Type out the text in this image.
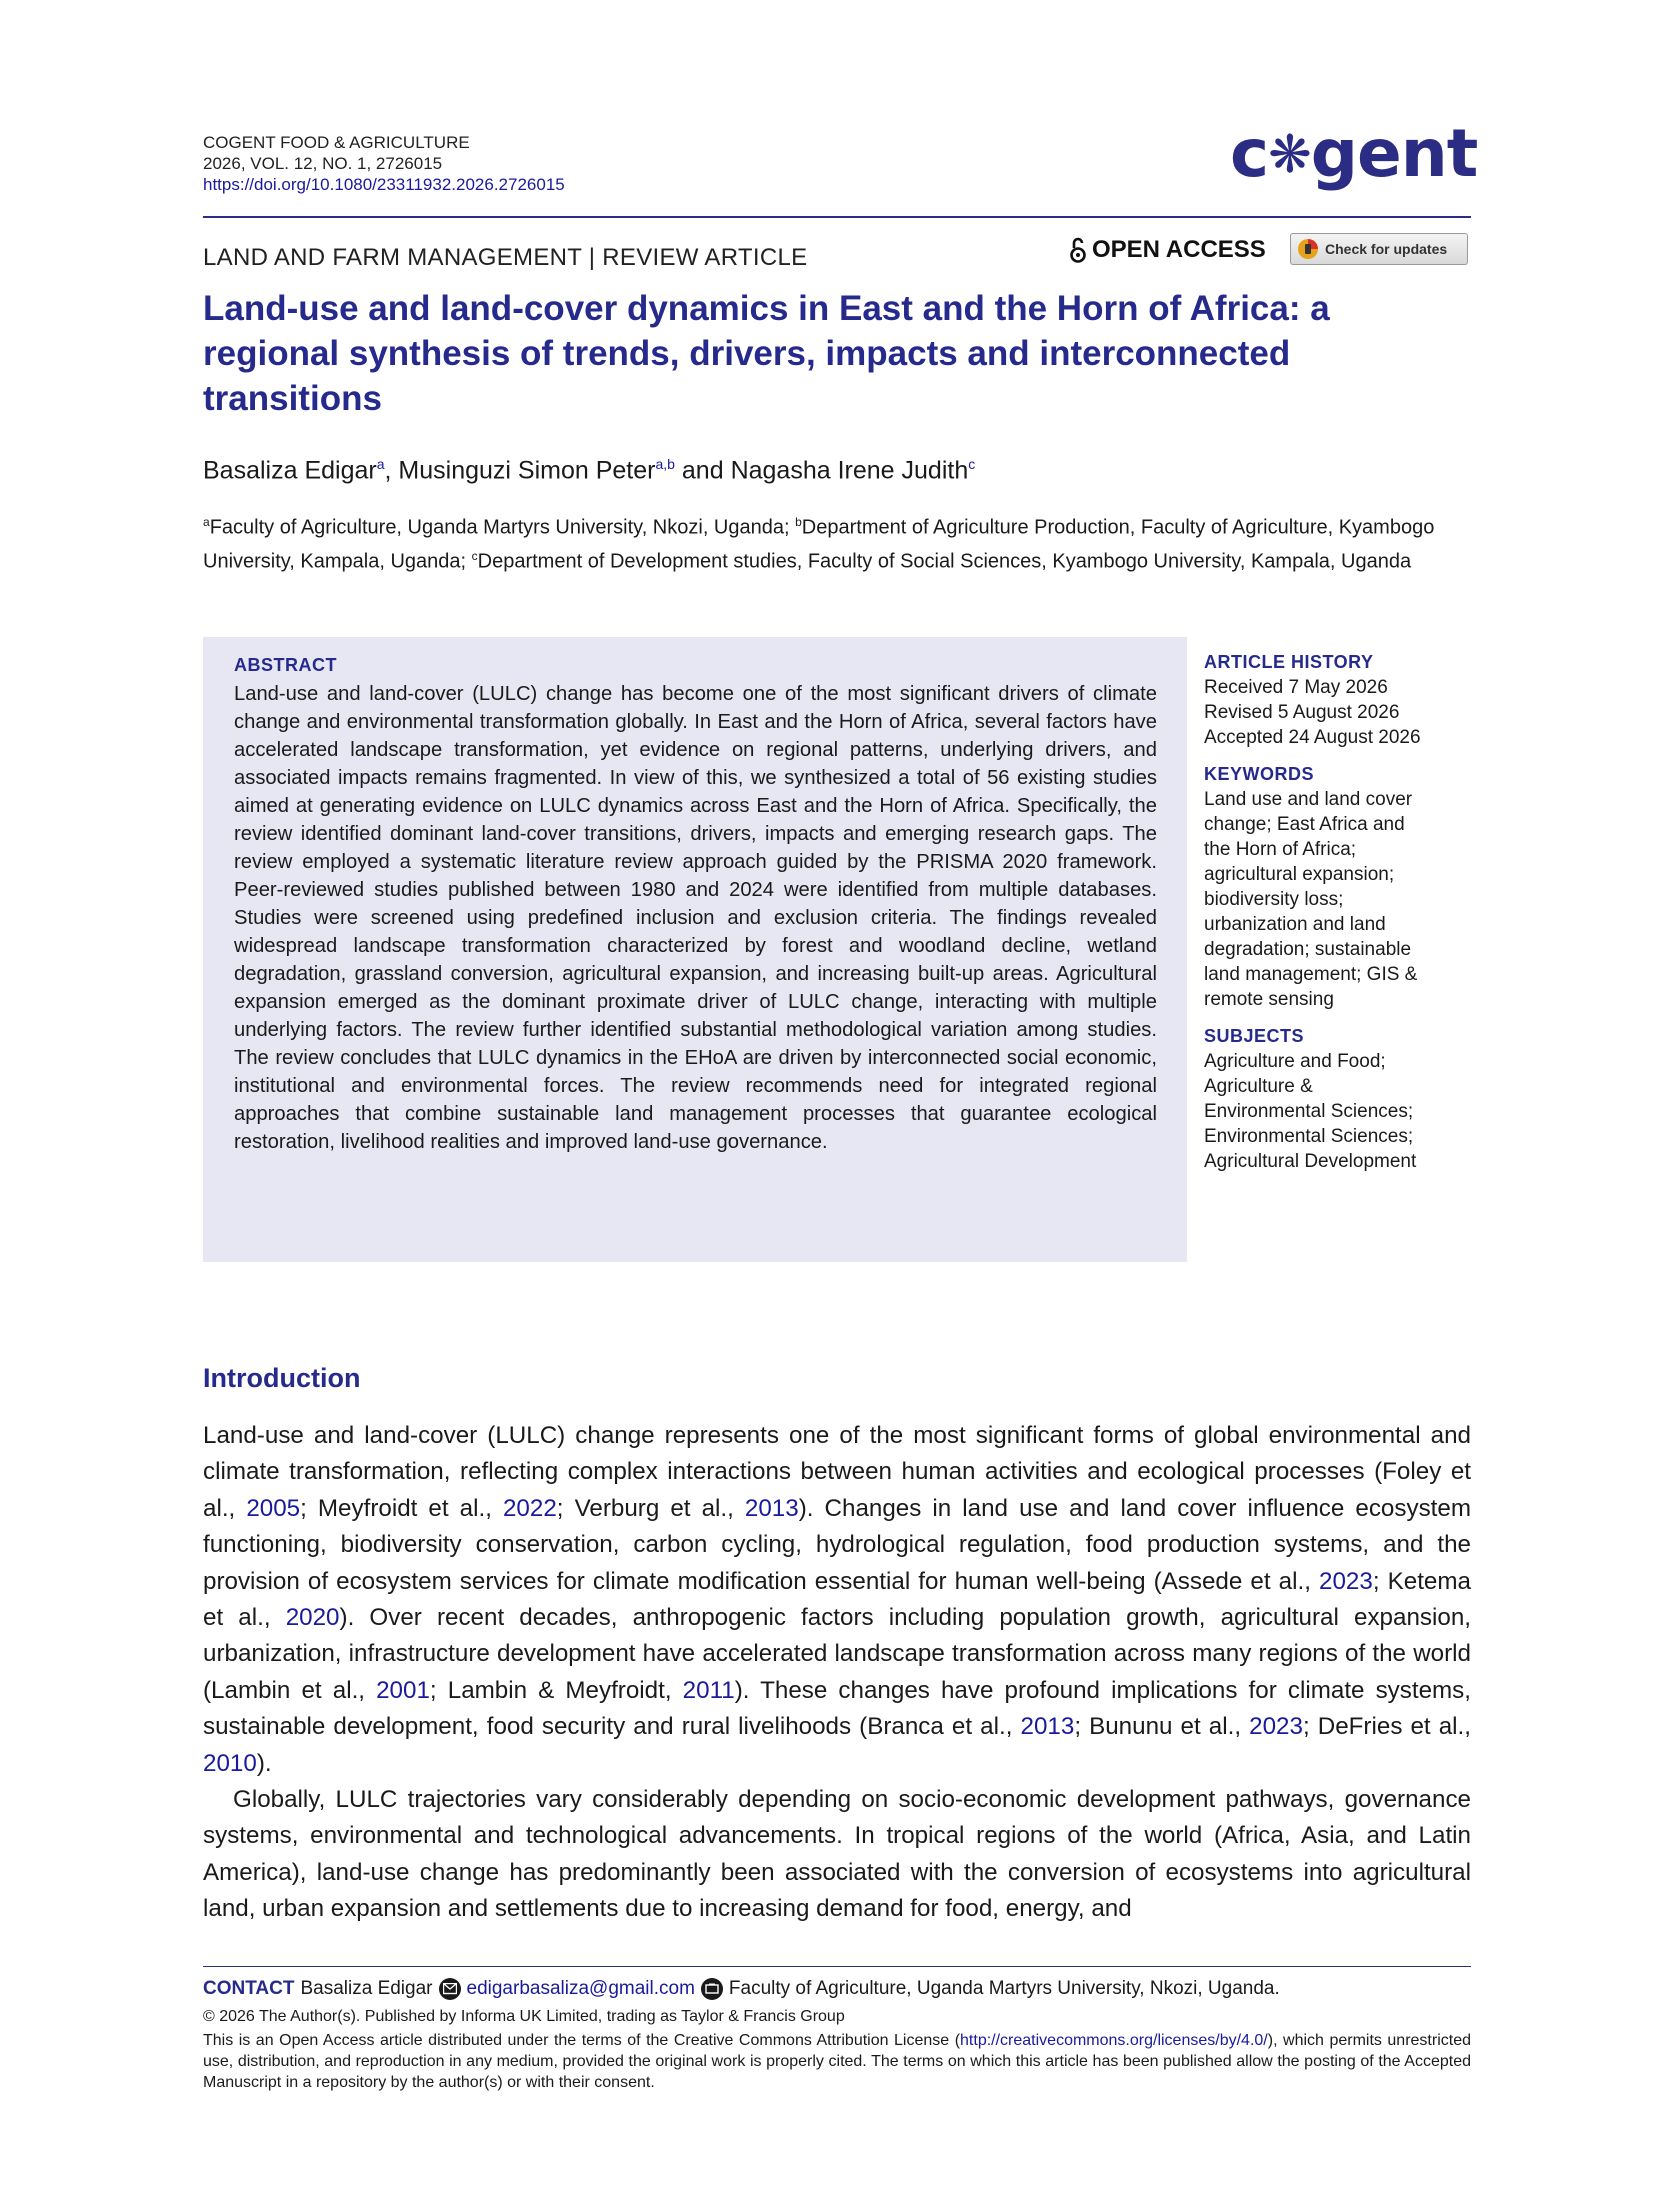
COGENT FOOD & AGRICULTURE
2026, VOL. 12, NO. 1, 2726015
https://doi.org/10.1080/23311932.2026.2726015	c❋gent
LAND AND FARM MANAGEMENT | REVIEW ARTICLE	OPEN ACCESS	Check for updates
Land-use and land-cover dynamics in East and the Horn of Africa: a regional synthesis of trends, drivers, impacts and interconnected transitions
Basaliza Edigar$^a$, Musinguzi Simon Peter$^{a,b}$ and Nagasha Irene Judith$^c$
$^a$Faculty of Agriculture, Uganda Martyrs University, Nkozi, Uganda; $^b$Department of Agriculture Production, Faculty of Agriculture, Kyambogo University, Kampala, Uganda; $^c$Department of Development studies, Faculty of Social Sciences, Kyambogo University, Kampala, Uganda
ABSTRACT

Land-use and land-cover (LULC) change has become one of the most significant drivers of climate change and environmental transformation globally. In East and the Horn of Africa, several factors have accelerated landscape transformation, yet evidence on regional patterns, underlying drivers, and associated impacts remains fragmented. In view of this, we synthesized a total of 56 existing studies aimed at generating evidence on LULC dynamics across East and the Horn of Africa. Specifically, the review identified dominant land-cover transitions, drivers, impacts and emerging research gaps. The review employed a systematic literature review approach guided by the PRISMA 2020 framework. Peer-reviewed studies published between 1980 and 2024 were identified from multiple databases. Studies were screened using predefined inclusion and exclusion criteria. The findings revealed widespread landscape transformation characterized by forest and woodland decline, wetland degradation, grassland conversion, agricultural expansion, and increasing built-up areas. Agricultural expansion emerged as the dominant proximate driver of LULC change, interacting with multiple underlying factors. The review further identified substantial methodological variation among studies. The review concludes that LULC dynamics in the EHoA are driven by interconnected social economic, institutional and environmental forces. The review recommends need for integrated regional approaches that combine sustainable land management processes that guarantee ecological restoration, livelihood realities and improved land-use governance.

ARTICLE HISTORY
Received 7 May 2026
Revised 5 August 2026
Accepted 24 August 2026
KEYWORDS
Land use and land cover
change; East Africa and
the Horn of Africa;
agricultural expansion;
biodiversity loss;
urbanization and land
degradation; sustainable
land management; GIS &
remote sensing
SUBJECTS
Agriculture and Food;
Agriculture &
Environmental Sciences;
Environmental Sciences;
Agricultural Development
Introduction

Land-use and land-cover (LULC) change represents one of the most significant forms of global environmental and climate transformation, reflecting complex interactions between human activities and ecological processes (Foley et al., 2005; Meyfroidt et al., 2022; Verburg et al., 2013). Changes in land use and land cover influence ecosystem functioning, biodiversity conservation, carbon cycling, hydrological regulation, food production systems, and the provision of ecosystem services for climate modification essential for human well-being (Assede et al., 2023; Ketema et al., 2020). Over recent decades, anthropogenic factors including population growth, agricultural expansion, urbanization, infrastructure development have accelerated landscape transformation across many regions of the world (Lambin et al., 2001; Lambin & Meyfroidt, 2011). These changes have profound implications for climate systems, sustainable development, food security and rural livelihoods (Branca et al., 2013; Bununu et al., 2023; DeFries et al., 2010).

Globally, LULC trajectories vary considerably depending on socio-economic development pathways, governance systems, environmental and technological advancements. In tropical regions of the world (Africa, Asia, and Latin America), land-use change has predominantly been associated with the conversion of ecosystems into agricultural land, urban expansion and settlements due to increasing demand for food, energy, and

CONTACT Basaliza Edigar edigarbasaliza@gmail.com Faculty of Agriculture, Uganda Martyrs University, Nkozi, Uganda.
© 2026 The Author(s). Published by Informa UK Limited, trading as Taylor & Francis Group

This is an Open Access article distributed under the terms of the Creative Commons Attribution License (http://creativecommons.org/licenses/by/4.0/), which permits unrestricted use, distribution, and reproduction in any medium, provided the original work is properly cited. The terms on which this article has been published allow the posting of the Accepted Manuscript in a repository by the author(s) or with their consent.
